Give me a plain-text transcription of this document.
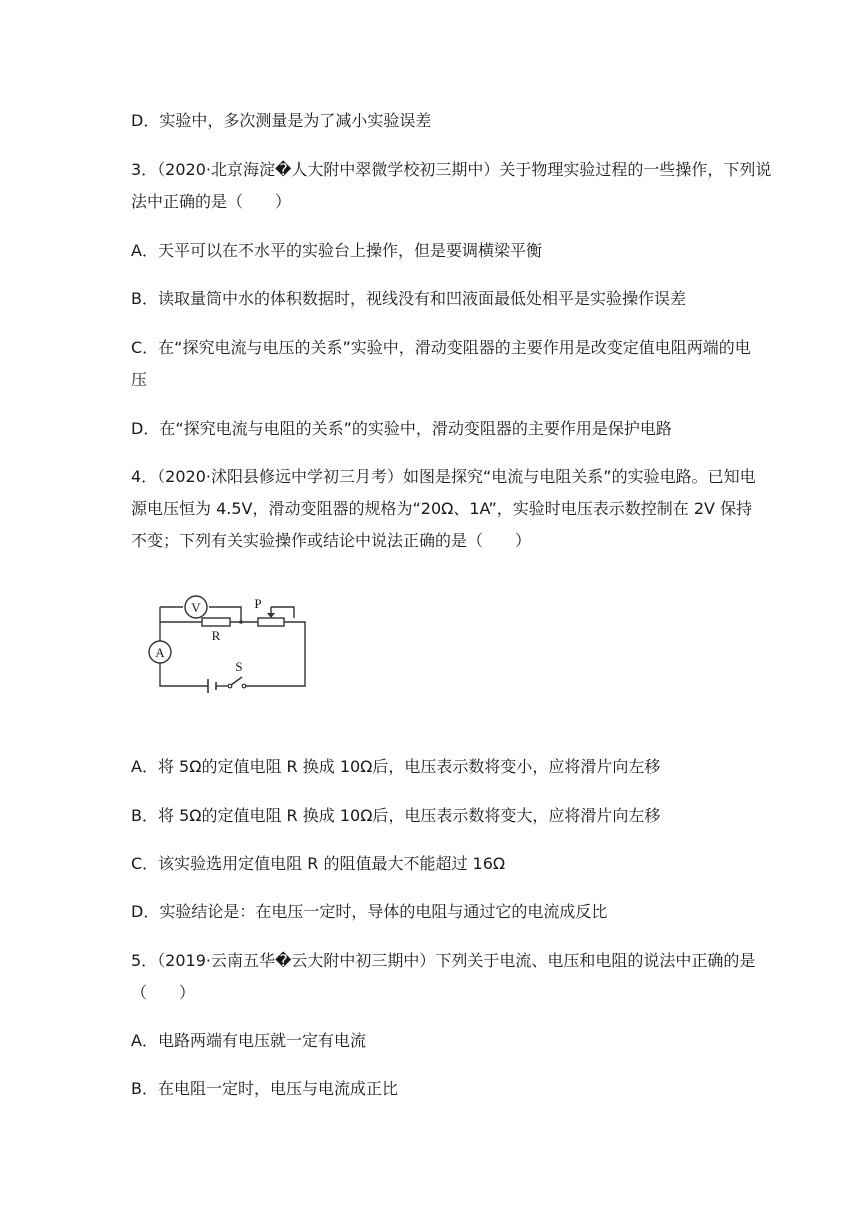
D．实验中，多次测量是为了减小实验误差
3．（2020·北京海淀�人大附中翠微学校初三期中）关于物理实验过程的一些操作，下列说
法中正确的是（　　）
A．天平可以在不水平的实验台上操作，但是要调横梁平衡
B．读取量筒中水的体积数据时，视线没有和凹液面最低处相平是实验操作误差
C．在“探究电流与电压的关系”实验中，滑动变阻器的主要作用是改变定值电阻两端的电
压
D．在“探究电流与电阻的关系”的实验中，滑动变阻器的主要作用是保护电路
4．（2020·沭阳县修远中学初三月考）如图是探究“电流与电阻关系”的实验电路。已知电
源电压恒为 4.5V，滑动变阻器的规格为“20Ω、1A”，实验时电压表示数控制在 2V 保持
不变；下列有关实验操作或结论中说法正确的是（　　）
V
R
P
A
S
A．将 5Ω的定值电阻 R 换成 10Ω后，电压表示数将变小，应将滑片向左移
B．将 5Ω的定值电阻 R 换成 10Ω后，电压表示数将变大，应将滑片向左移
C．该实验选用定值电阻 R 的阻值最大不能超过 16Ω
D．实验结论是：在电压一定时，导体的电阻与通过它的电流成反比
5．（2019·云南五华�云大附中初三期中）下列关于电流、电压和电阻的说法中正确的是
（　　）
A．电路两端有电压就一定有电流
B．在电阻一定时，电压与电流成正比
